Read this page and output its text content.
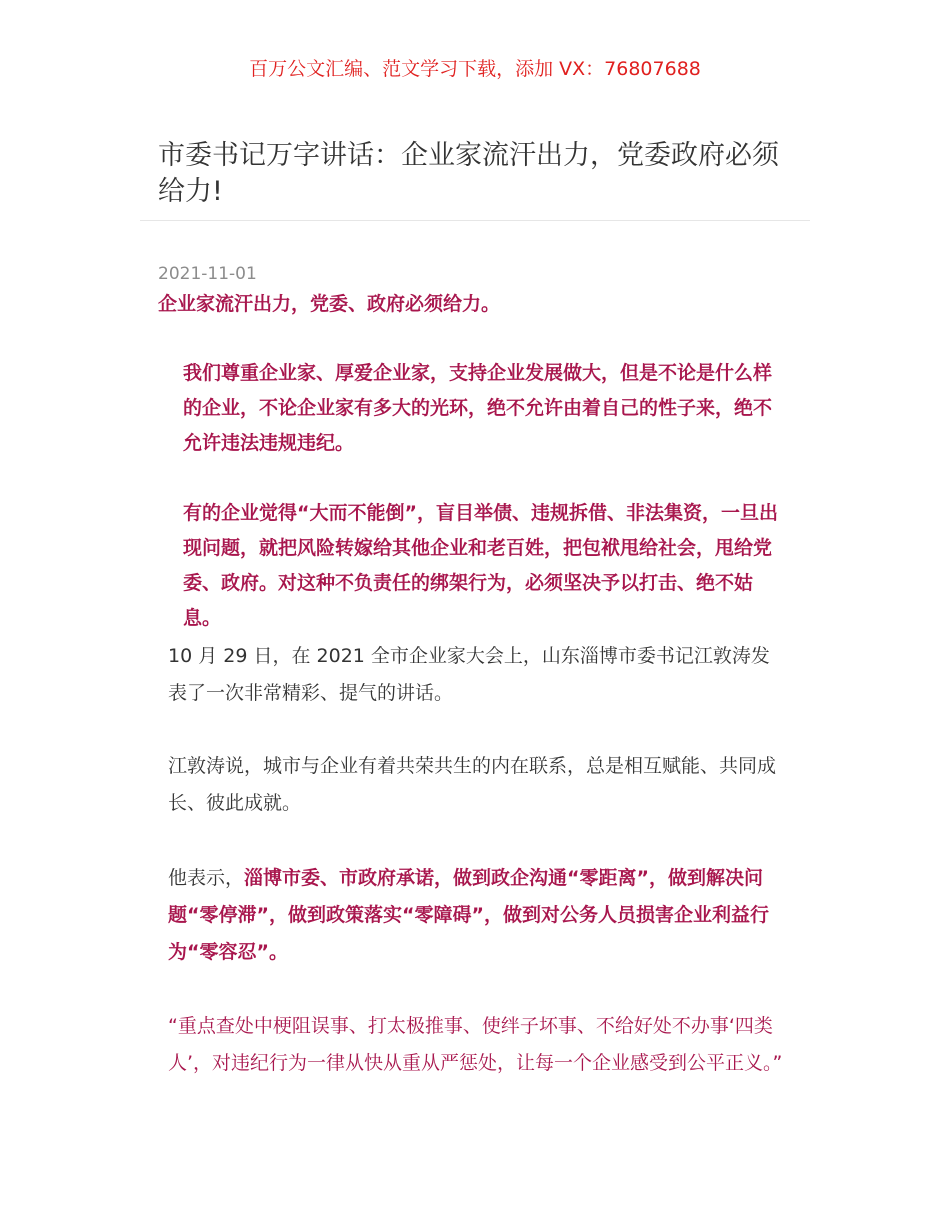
百万公文汇编、范文学习下载，添加 VX：76807688
市委书记万字讲话：企业家流汗出力，党委政府必须给力!
2021-11-01
企业家流汗出力，党委、政府必须给力。

我们尊重企业家、厚爱企业家，支持企业发展做大，但是不论是什么样的企业，不论企业家有多大的光环，绝不允许由着自己的性子来，绝不允许违法违规违纪。

有的企业觉得“大而不能倒”，盲目举债、违规拆借、非法集资，一旦出现问题，就把风险转嫁给其他企业和老百姓，把包袱甩给社会，甩给党委、政府。对这种不负责任的绑架行为，必须坚决予以打击、绝不姑息。

10 月 29 日，在 2021 全市企业家大会上，山东淄博市委书记江敦涛发表了一次非常精彩、提气的讲话。

江敦涛说，城市与企业有着共荣共生的内在联系，总是相互赋能、共同成长、彼此成就。

他表示，淄博市委、市政府承诺，做到政企沟通“零距离”，做到解决问题“零停滞”，做到政策落实“零障碍”，做到对公务人员损害企业利益行为“零容忍”。

“重点查处中梗阻误事、打太极推事、使绊子坏事、不给好处不办事‘四类人’，对违纪行为一律从快从重从严惩处，让每一个企业感受到公平正义。”
